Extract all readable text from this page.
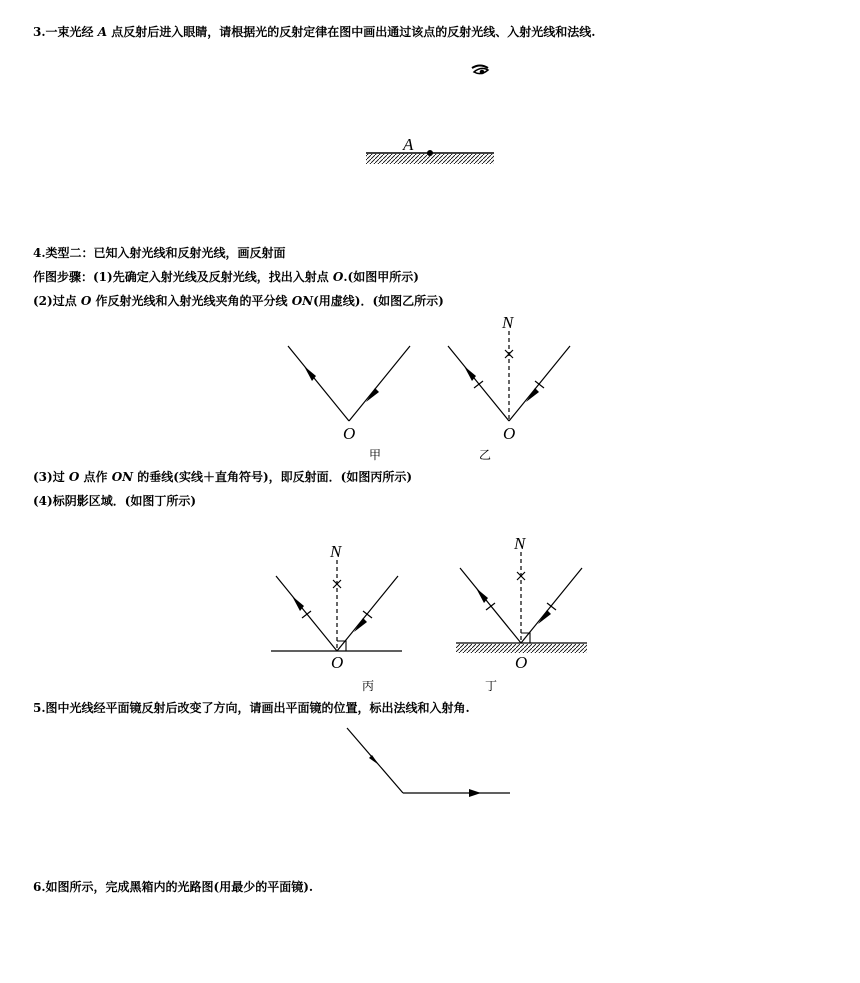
3.一束光经 A 点反射后进入眼睛，请根据光的反射定律在图中画出通过该点的反射光线、入射光线和法线.
A
4.类型二：已知入射光线和反射光线，画反射面
作图步骤：(1)先确定入射光线及反射光线，找出入射点 O.(如图甲所示)
(2)过点 O 作反射光线和入射光线夹角的平分线 ON(用虚线)．(如图乙所示)
O
甲
N
O
乙
(3)过 O 点作 ON 的垂线(实线＋直角符号)，即反射面．(如图丙所示)
(4)标阴影区域．(如图丁所示)
N
O
丙
N
O
丁
5.图中光线经平面镜反射后改变了方向，请画出平面镜的位置，标出法线和入射角.
6.如图所示，完成黑箱内的光路图(用最少的平面镜).
